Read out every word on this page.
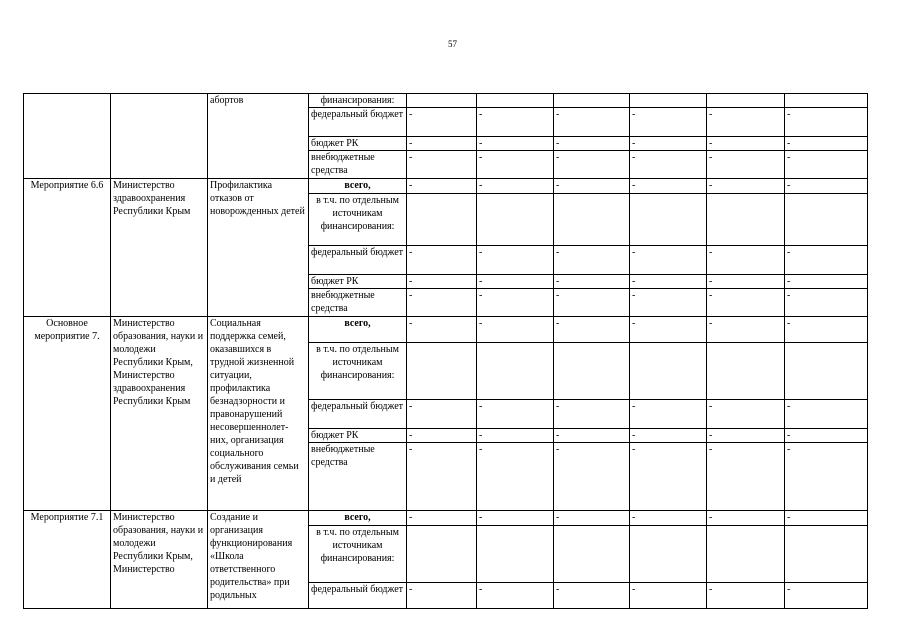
57
		абортов	финансирования:						
			федеральный бюджет	-	-	-	-	-	-
			бюджет РК	-	-	-	-	-	-
			внебюджетные средства	-	-	-	-	-	-
Мероприятие 6.6	Министерство здравоохранения Республики Крым	Профилактика отказов от новорожденных детей	всего,	-	-	-	-	-	-
			в т.ч. по отдельным источникам финансирования:						
			федеральный бюджет	-	-	-	-	-	-
			бюджет РК	-	-	-	-	-	-
			внебюджетные средства	-	-	-	-	-	-
Основное мероприятие 7.	Министерство образования, науки и молодежи Республики Крым, Министерство здравоохранения Республики Крым	Социальная поддержка семей, оказавшихся в трудной жизненной ситуации, профилактика безнадзорности и правонарушений несовершеннолет-них, организация социального обслуживания семьи и детей	всего,	-	-	-	-	-	-
			в т.ч. по отдельным источникам финансирования:						
			федеральный бюджет	-	-	-	-	-	-
			бюджет РК	-	-	-	-	-	-
			внебюджетные средства	-	-	-	-	-	-
Мероприятие 7.1	Министерство образования, науки и молодежи Республики Крым, Министерство	Создание и организация функционирования «Школа ответственного родительства» при родильных	всего,	-	-	-	-	-	-
			в т.ч. по отдельным источникам финансирования:						
			федеральный бюджет	-	-	-	-	-	-
